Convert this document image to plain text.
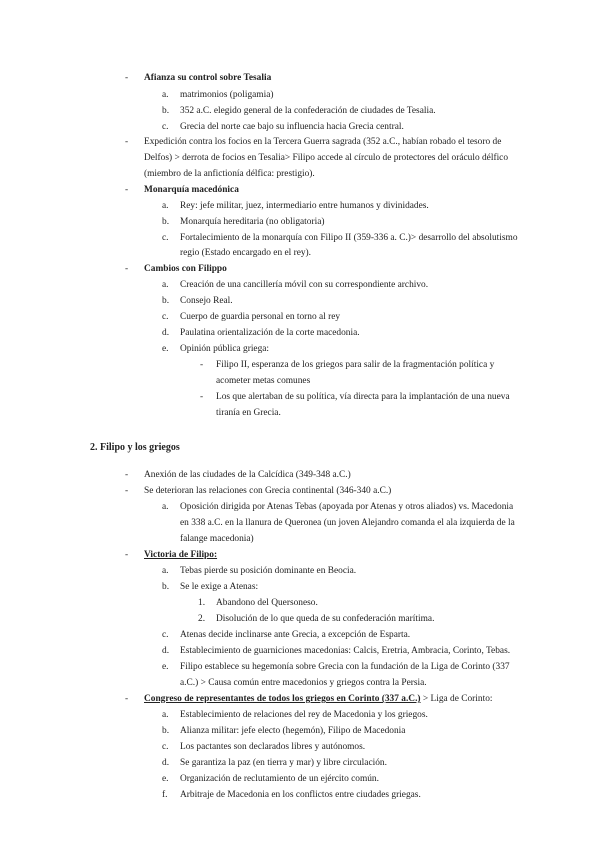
- Afianza su control sobre Tesalia
a. matrimonios (poligamia)
b. 352 a.C. elegido general de la confederación de ciudades de Tesalia.
c. Grecia del norte cae bajo su influencia hacia Grecia central.
- Expedición contra los focios en la Tercera Guerra sagrada (352 a.C., habían robado el tesoro de
Delfos) > derrota de focios en Tesalia> Filipo accede al círculo de protectores del oráculo délfico
(miembro de la anfictionía délfica: prestigio).
- Monarquía macedónica
a. Rey: jefe militar, juez, intermediario entre humanos y divinidades.
b. Monarquía hereditaria (no obligatoria)
c. Fortalecimiento de la monarquía con Filipo II (359-336 a. C.)> desarrollo del absolutismo
regio (Estado encargado en el rey).
- Cambios con Filippo
a. Creación de una cancillería móvil con su correspondiente archivo.
b. Consejo Real.
c. Cuerpo de guardia personal en torno al rey
d. Paulatina orientalización de la corte macedonia.
e. Opinión pública griega:
- Filipo II, esperanza de los griegos para salir de la fragmentación política y
acometer metas comunes
- Los que alertaban de su política, vía directa para la implantación de una nueva
tiranía en Grecia.
2. Filipo y los griegos
- Anexión de las ciudades de la Calcídica (349-348 a.C.)
- Se deterioran las relaciones con Grecia continental (346-340 a.C.)
a. Oposición dirigida por Atenas Tebas (apoyada por Atenas y otros aliados) vs. Macedonia
en 338 a.C. en la llanura de Queronea (un joven Alejandro comanda el ala izquierda de la
falange macedonia)
- Victoria de Filipo:
a. Tebas pierde su posición dominante en Beocia.
b. Se le exige a Atenas:
1. Abandono del Quersoneso.
2. Disolución de lo que queda de su confederación marítima.
c. Atenas decide inclinarse ante Grecia, a excepción de Esparta.
d. Establecimiento de guarniciones macedonias: Calcis, Eretria, Ambracia, Corinto, Tebas.
e. Filipo establece su hegemonía sobre Grecia con la fundación de la Liga de Corinto (337
a.C.) > Causa común entre macedonios y griegos contra la Persia.
- Congreso de representantes de todos los griegos en Corinto (337 a.C.) > Liga de Corinto:
a. Establecimiento de relaciones del rey de Macedonia y los griegos.
b. Alianza militar: jefe electo (hegemón), Filipo de Macedonia
c. Los pactantes son declarados libres y autónomos.
d. Se garantiza la paz (en tierra y mar) y libre circulación.
e. Organización de reclutamiento de un ejército común.
f. Arbitraje de Macedonia en los conflictos entre ciudades griegas.
